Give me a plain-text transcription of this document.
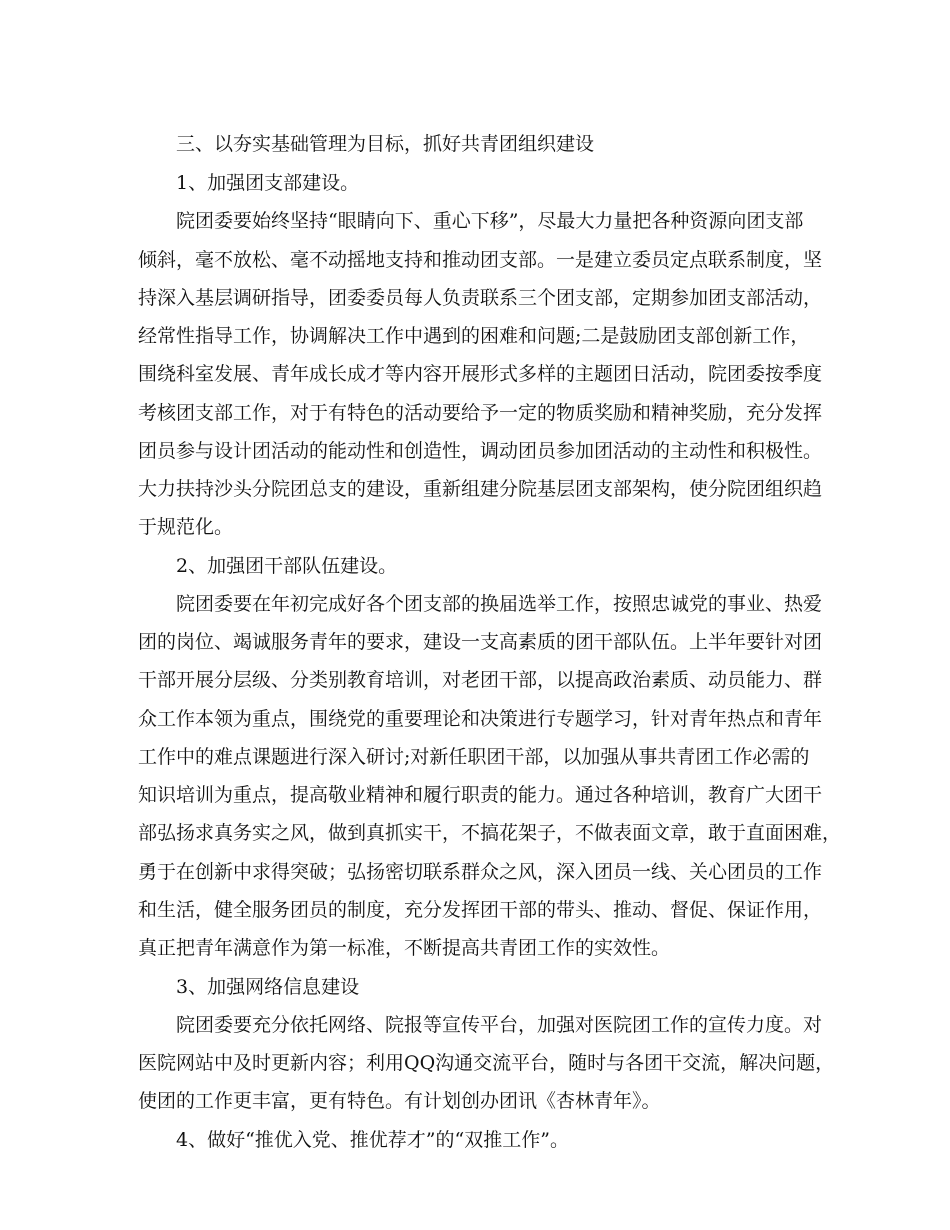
三、以夯实基础管理为目标，抓好共青团组织建设
1、加强团支部建设。
院团委要始终坚持“眼睛向下、重心下移”，尽最大力量把各种资源向团支部
倾斜，毫不放松、毫不动摇地支持和推动团支部。一是建立委员定点联系制度，坚
持深入基层调研指导，团委委员每人负责联系三个团支部，定期参加团支部活动，
经常性指导工作，协调解决工作中遇到的困难和问题;二是鼓励团支部创新工作，
围绕科室发展、青年成长成才等内容开展形式多样的主题团日活动，院团委按季度
考核团支部工作，对于有特色的活动要给予一定的物质奖励和精神奖励，充分发挥
团员参与设计团活动的能动性和创造性，调动团员参加团活动的主动性和积极性。
大力扶持沙头分院团总支的建设，重新组建分院基层团支部架构，使分院团组织趋
于规范化。
2、加强团干部队伍建设。
院团委要在年初完成好各个团支部的换届选举工作，按照忠诚党的事业、热爱
团的岗位、竭诚服务青年的要求，建设一支高素质的团干部队伍。上半年要针对团
干部开展分层级、分类别教育培训，对老团干部，以提高政治素质、动员能力、群
众工作本领为重点，围绕党的重要理论和决策进行专题学习，针对青年热点和青年
工作中的难点课题进行深入研讨;对新任职团干部，以加强从事共青团工作必需的
知识培训为重点，提高敬业精神和履行职责的能力。通过各种培训，教育广大团干
部弘扬求真务实之风，做到真抓实干，不搞花架子，不做表面文章，敢于直面困难，
勇于在创新中求得突破；弘扬密切联系群众之风，深入团员一线、关心团员的工作
和生活，健全服务团员的制度，充分发挥团干部的带头、推动、督促、保证作用，
真正把青年满意作为第一标准，不断提高共青团工作的实效性。
3、加强网络信息建设
院团委要充分依托网络、院报等宣传平台，加强对医院团工作的宣传力度。对
医院网站中及时更新内容；利用QQ沟通交流平台，随时与各团干交流，解决问题，
使团的工作更丰富，更有特色。有计划创办团讯《杏林青年》。
4、做好“推优入党、推优荐才”的“双推工作”。
